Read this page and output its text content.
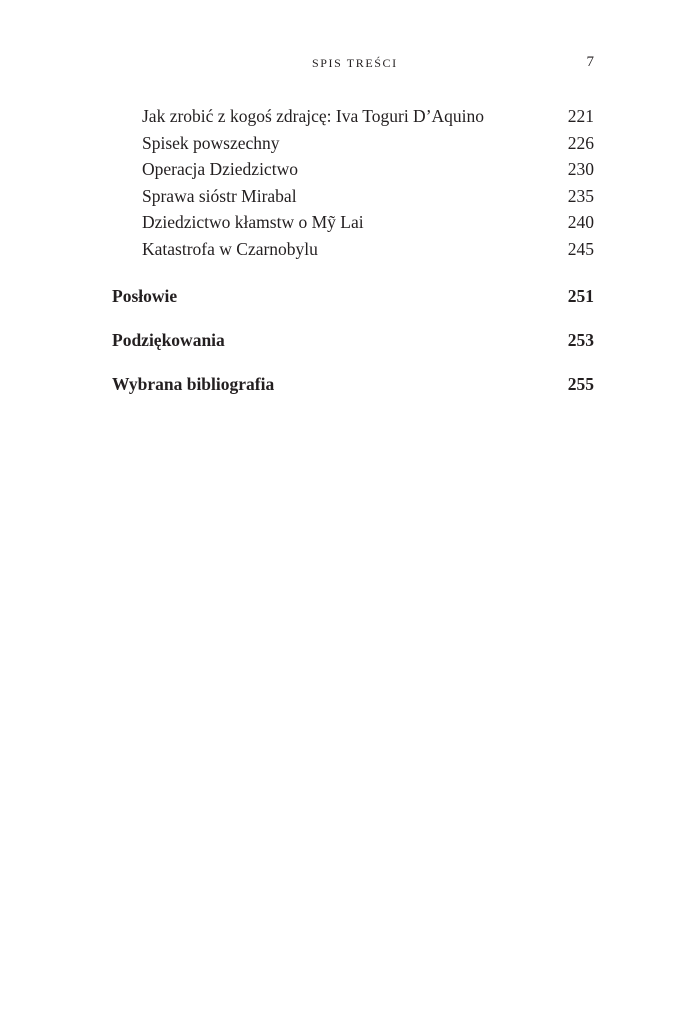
SPIS TREŚCI	7
Jak zrobić z kogoś zdrajcę: Iva Toguri D’Aquino	221
Spisek powszechny	226
Operacja Dziedzictwo	230
Sprawa sióstr Mirabal	235
Dziedzictwo kłamstw o Mỹ Lai	240
Katastrofa w Czarnobylu	245
Posłowie	251
Podziękowania	253
Wybrana bibliografia	255
